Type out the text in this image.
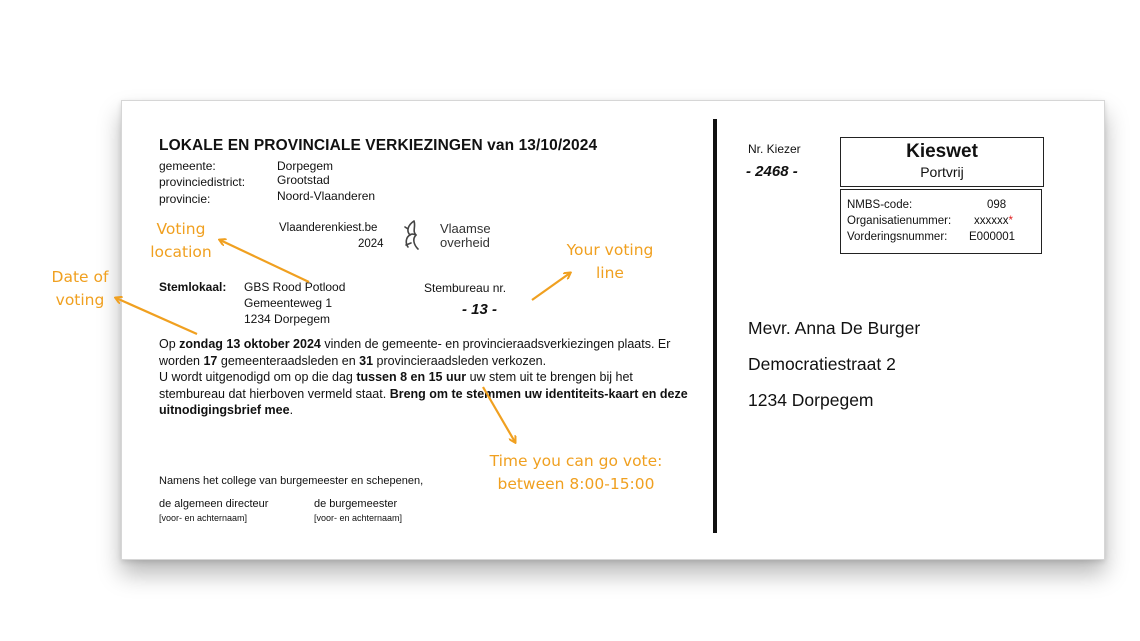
LOKALE EN PROVINCIALE VERKIEZINGEN van 13/10/2024
gemeente:	Dorpegem
provinciedistrict:	Grootstad
provincie:	Noord-Vlaanderen
Vlaanderenkiest.be
2024
Vlaamse
overheid
Stemlokaal: GBS Rood Potlood
Gemeenteweg 1
1234 Dorpegem
Stembureau nr.
- 13 -
Op zondag 13 oktober 2024 vinden de gemeente- en provincieraadsverkiezingen plaats. Er worden 17 gemeenteraadsleden en 31 provincieraadsleden verkozen.
U wordt uitgenodigd om op die dag tussen 8 en 15 uur uw stem uit te brengen bij het stembureau dat hierboven vermeld staat. Breng om te stemmen uw identiteits-kaart en deze uitnodigingsbrief mee.
Namens het college van burgemeester en schepenen,
de algemeen directeur
[voor- en achternaam]
de burgemeester
[voor- en achternaam]
Nr. Kiezer
- 2468 -
Kieswet
Portvrij
NMBS-code:	098
Organisatienummer: xxxxxx*
Vorderingsnummer: E000001
Mevr. Anna De Burger
Democratiestraat 2
1234 Dorpegem
Date of
voting
Voting
location	Your voting
line
Time you can go vote:
between 8:00-15:00
